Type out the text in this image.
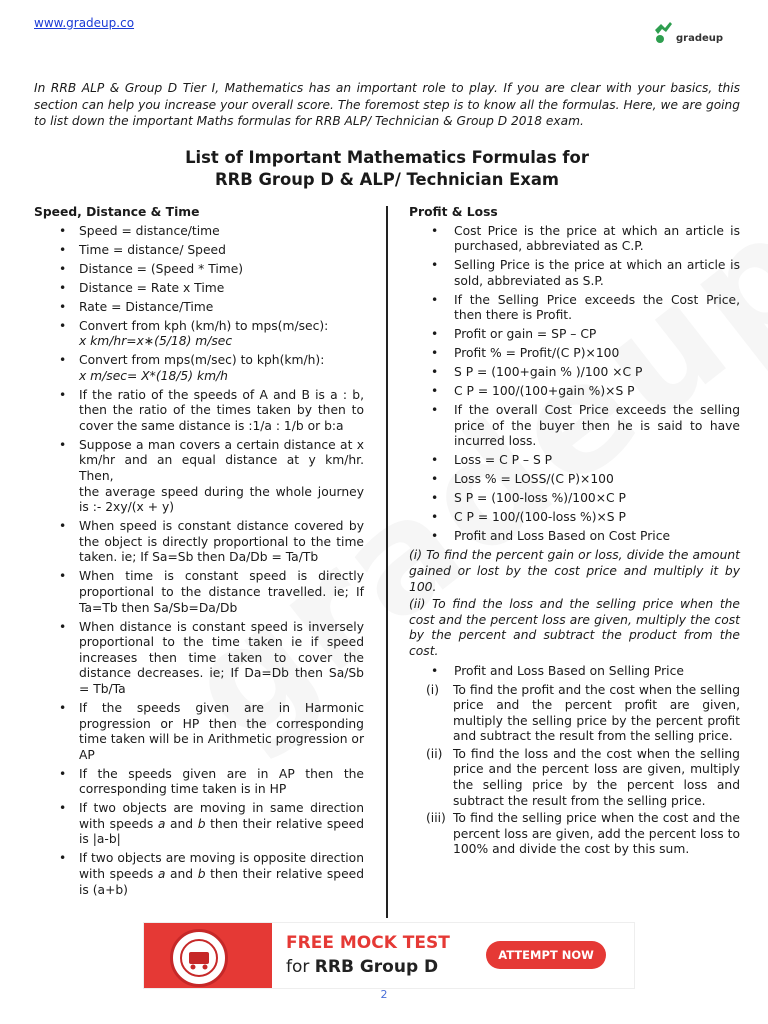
www.gradeup.co
gradeup
In RRB ALP & Group D Tier I, Mathematics has an important role to play. If you are clear with your basics, this section can help you increase your overall score. The foremost step is to know all the formulas. Here, we are going to list down the important Maths formulas for RRB ALP/ Technician & Group D 2018 exam.
List of Important Mathematics Formulas for
RRB Group D & ALP/ Technician Exam
Speed, Distance & Time
• Speed = distance/time
• Time = distance/ Speed
• Distance = (Speed * Time)
• Distance = Rate x Time
• Rate = Distance/Time
• Convert from kph (km/h) to mps(m/sec):
x km/hr=x∗(5/18) m/sec
• Convert from mps(m/sec) to kph(km/h):
x m/sec= X*(18/5) km/h
• If the ratio of the speeds of A and B is a : b, then the ratio of the times taken by then to cover the same distance is :1/a : 1/b or b:a
• Suppose a man covers a certain distance at x km/hr and an equal distance at y km/hr. Then,
the average speed during the whole journey is :- 2xy/(x + y)
• When speed is constant distance covered by the object is directly proportional to the time taken. ie; If Sa=Sb then Da/Db = Ta/Tb
• When time is constant speed is directly proportional to the distance travelled. ie; If Ta=Tb then Sa/Sb=Da/Db
• When distance is constant speed is inversely proportional to the time taken ie if speed increases then time taken to cover the distance decreases. ie; If Da=Db then Sa/Sb = Tb/Ta
• If the speeds given are in Harmonic progression or HP then the corresponding time taken will be in Arithmetic progression or AP
• If the speeds given are in AP then the corresponding time taken is in HP
• If two objects are moving in same direction with speeds a and b then their relative speed is |a-b|
• If two objects are moving is opposite direction with speeds a and b then their relative speed is (a+b)
Profit & Loss
• Cost Price is the price at which an article is purchased, abbreviated as C.P.
• Selling Price is the price at which an article is sold, abbreviated as S.P.
• If the Selling Price exceeds the Cost Price, then there is Profit.
• Profit or gain = SP – CP
• Profit % = Profit/(C P)×100
• S P = (100+gain % )/100 ×C P
• C P = 100/(100+gain %)×S P
• If the overall Cost Price exceeds the selling price of the buyer then he is said to have incurred loss.
• Loss = C P – S P
• Loss % = LOSS/(C P)×100
• S P = (100-loss %)/100×C P
• C P = 100/(100-loss %)×S P
• Profit and Loss Based on Cost Price
(i) To find the percent gain or loss, divide the amount gained or lost by the cost price and multiply it by 100.
(ii) To find the loss and the selling price when the cost and the percent loss are given, multiply the cost by the percent and subtract the product from the cost.
• Profit and Loss Based on Selling Price
(i) To find the profit and the cost when the selling price and the percent profit are given, multiply the selling price by the percent profit and subtract the result from the selling price.
(ii) To find the loss and the cost when the selling price and the percent loss are given, multiply the selling price by the percent loss and subtract the result from the selling price.
(iii) To find the selling price when the cost and the percent loss are given, add the percent loss to 100% and divide the cost by this sum.
FREE MOCK TEST
for RRB Group D
ATTEMPT NOW
2
